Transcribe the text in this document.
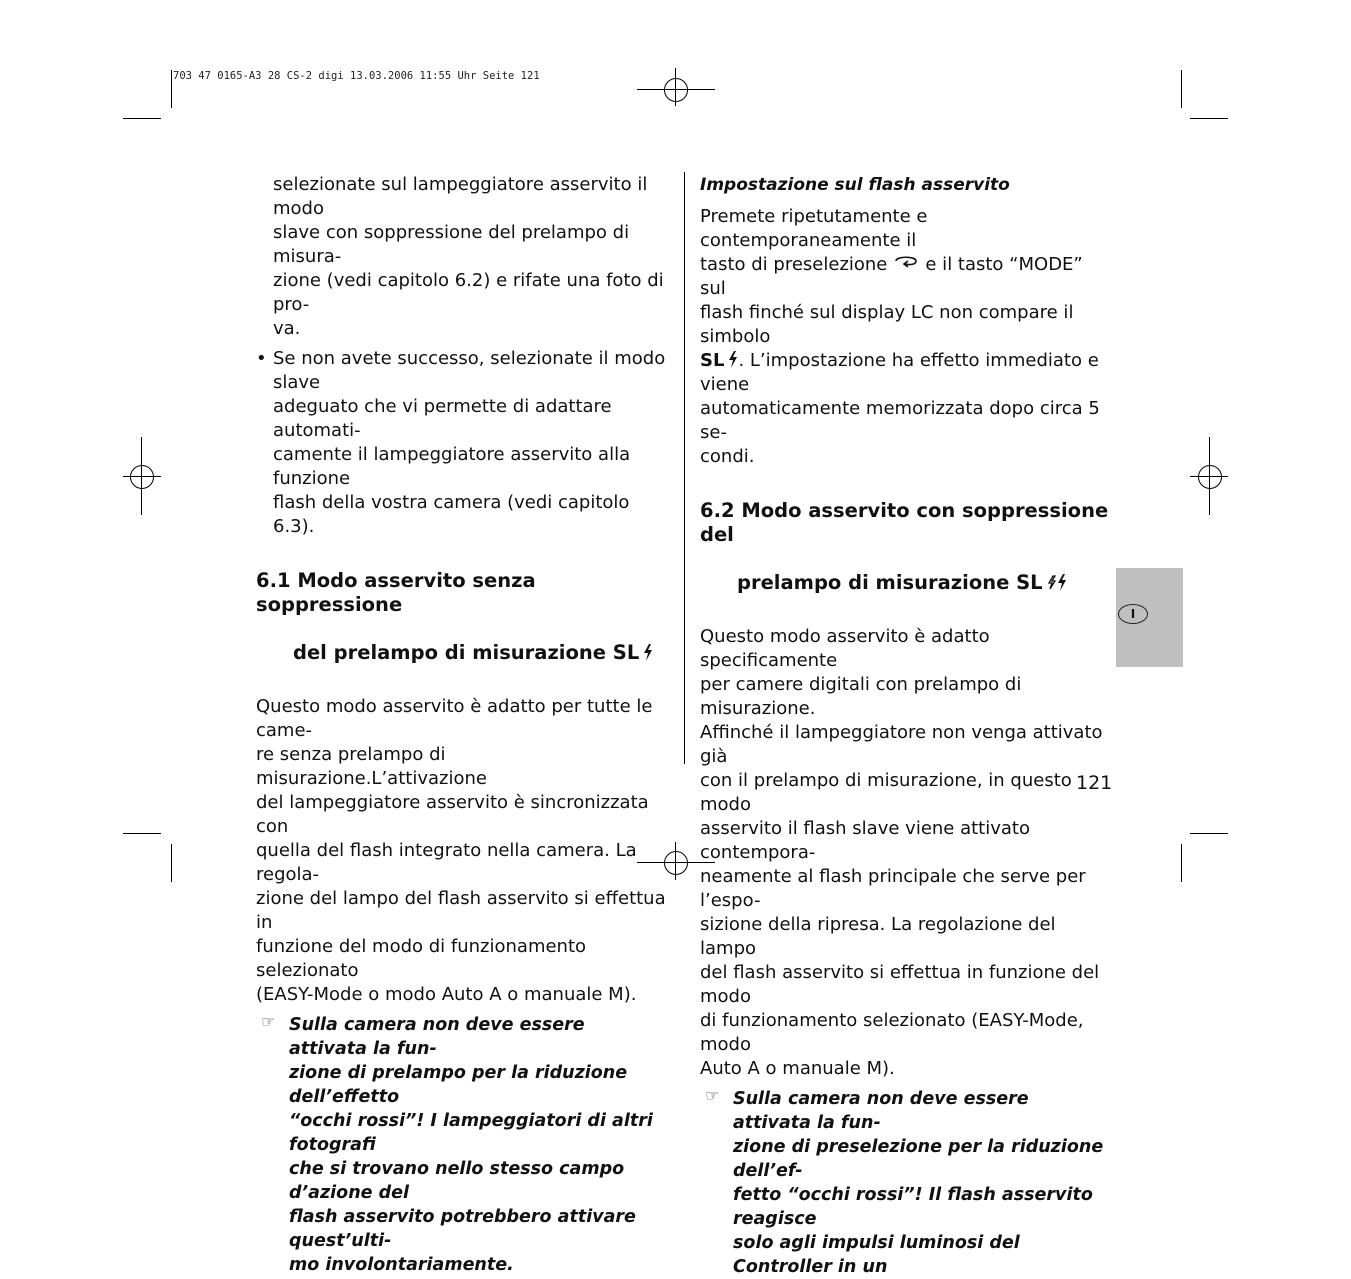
703 47 0165-A3 28 CS-2 digi 13.03.2006 11:55 Uhr Seite 121
selezionate sul lampeggiatore asservito il modo
slave con soppressione del prelampo di misura-
zione (vedi capitolo 6.2) e rifate una foto di pro-
va.
• Se non avete successo, selezionate il modo slave
adeguato che vi permette di adattare automati-
camente il lampeggiatore asservito alla funzione
flash della vostra camera (vedi capitolo 6.3).

6.1 Modo asservito senza soppressione

del prelampo di misurazione SL

Questo modo asservito è adatto per tutte le came-
re senza prelampo di misurazione.L’attivazione
del lampeggiatore asservito è sincronizzata con
quella del flash integrato nella camera. La regola-
zione del lampo del flash asservito si effettua in
funzione del modo di funzionamento selezionato
(EASY-Mode o modo Auto A o manuale M).
☞ Sulla camera non deve essere attivata la fun-
zione di prelampo per la riduzione dell’effetto
“occhi rossi”! I lampeggiatori di altri fotografi
che si trovano nello stesso campo d’azione del
flash asservito potrebbero attivare quest’ulti-
mo involontariamente.
Impostazione sul flash asservito
Premete ripetutamente e contemporaneamente il
tasto di preselezione e il tasto “MODE” sul
flash finché sul display LC non compare il simbolo
SL . L’impostazione ha effetto immediato e viene
automaticamente memorizzata dopo circa 5 se-
condi.

6.2 Modo asservito con soppressione del

prelampo di misurazione SL

Questo modo asservito è adatto specificamente
per camere digitali con prelampo di misurazione.
Affinché il lampeggiatore non venga attivato già
con il prelampo di misurazione, in questo modo
asservito il flash slave viene attivato contempora-
neamente al flash principale che serve per l’espo-
sizione della ripresa. La regolazione del lampo
del flash asservito si effettua in funzione del modo
di funzionamento selezionato (EASY-Mode, modo
Auto A o manuale M).
☞ Sulla camera non deve essere attivata la fun-
zione di preselezione per la riduzione dell’ef-
fetto “occhi rossi”! Il flash asservito reagisce
solo agli impulsi luminosi del Controller in un
I
121
